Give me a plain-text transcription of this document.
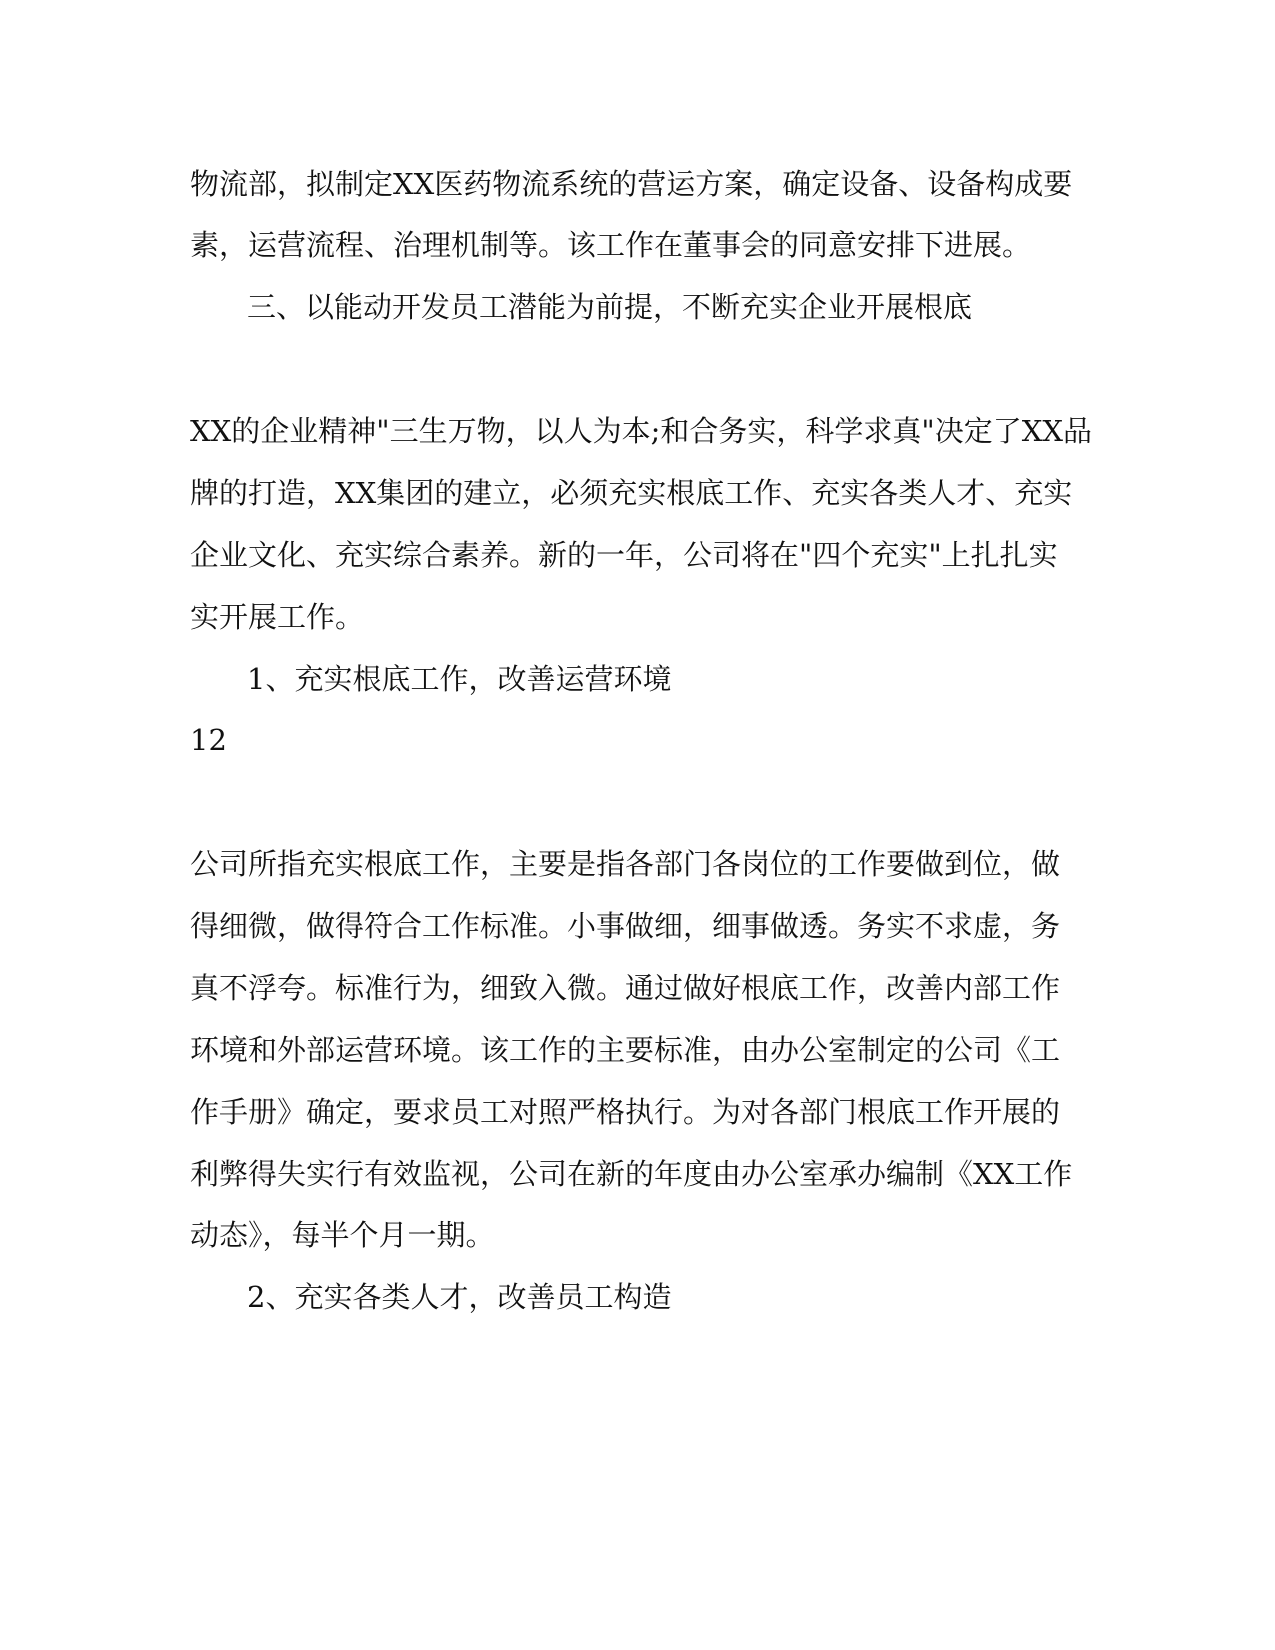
物流部，拟制定XX医药物流系统的营运方案，确定设备、设备构成要
素，运营流程、治理机制等。该工作在董事会的同意安排下进展。
三、以能动开发员工潜能为前提，不断充实企业开展根底
XX的企业精神"三生万物，以人为本;和合务实，科学求真"决定了XX品
牌的打造，XX集团的建立，必须充实根底工作、充实各类人才、充实
企业文化、充实综合素养。新的一年，公司将在"四个充实"上扎扎实
实开展工作。
1、充实根底工作，改善运营环境
12
公司所指充实根底工作，主要是指各部门各岗位的工作要做到位，做
得细微，做得符合工作标准。小事做细，细事做透。务实不求虚，务
真不浮夸。标准行为，细致入微。通过做好根底工作，改善内部工作
环境和外部运营环境。该工作的主要标准，由办公室制定的公司《工
作手册》确定，要求员工对照严格执行。为对各部门根底工作开展的
利弊得失实行有效监视，公司在新的年度由办公室承办编制《XX工作
动态》，每半个月一期。
2、充实各类人才，改善员工构造
